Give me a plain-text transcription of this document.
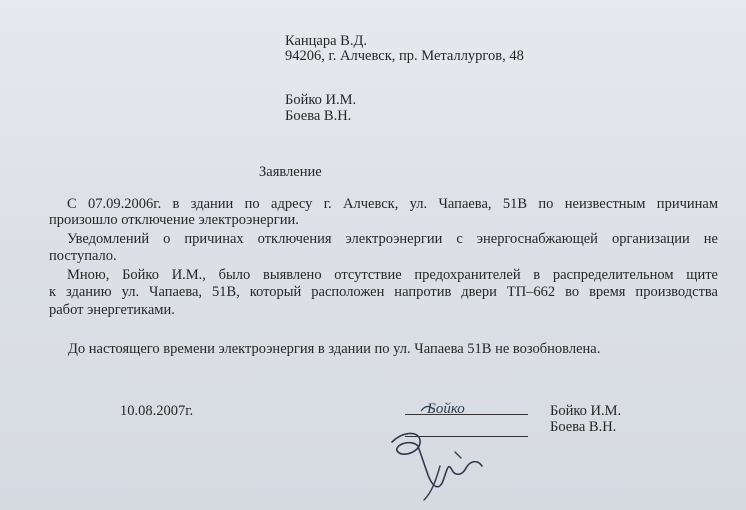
Канцара В.Д.
94206, г. Алчевск, пр. Металлургов, 48
Бойко И.М.
Боева В.Н.
Заявление
С 07.09.2006г. в здании по адресу г. Алчевск, ул. Чапаева, 51В по неизвестным причинам
произошло отключение электроэнергии.
Уведомлений о причинах отключения электроэнергии с энергоснабжающей организации не
поступало.
Мною, Бойко И.М., было выявлено отсутствие предохранителей в распределительном щите
к зданию ул. Чапаева, 51В, который расположен напротив двери ТП–662 во время производства
работ энергетиками.
До настоящего времени электроэнергия в здании по ул. Чапаева 51В не возобновлена.
10.08.2007г.	Бойко	Бойко И.М.
Боева В.Н.
